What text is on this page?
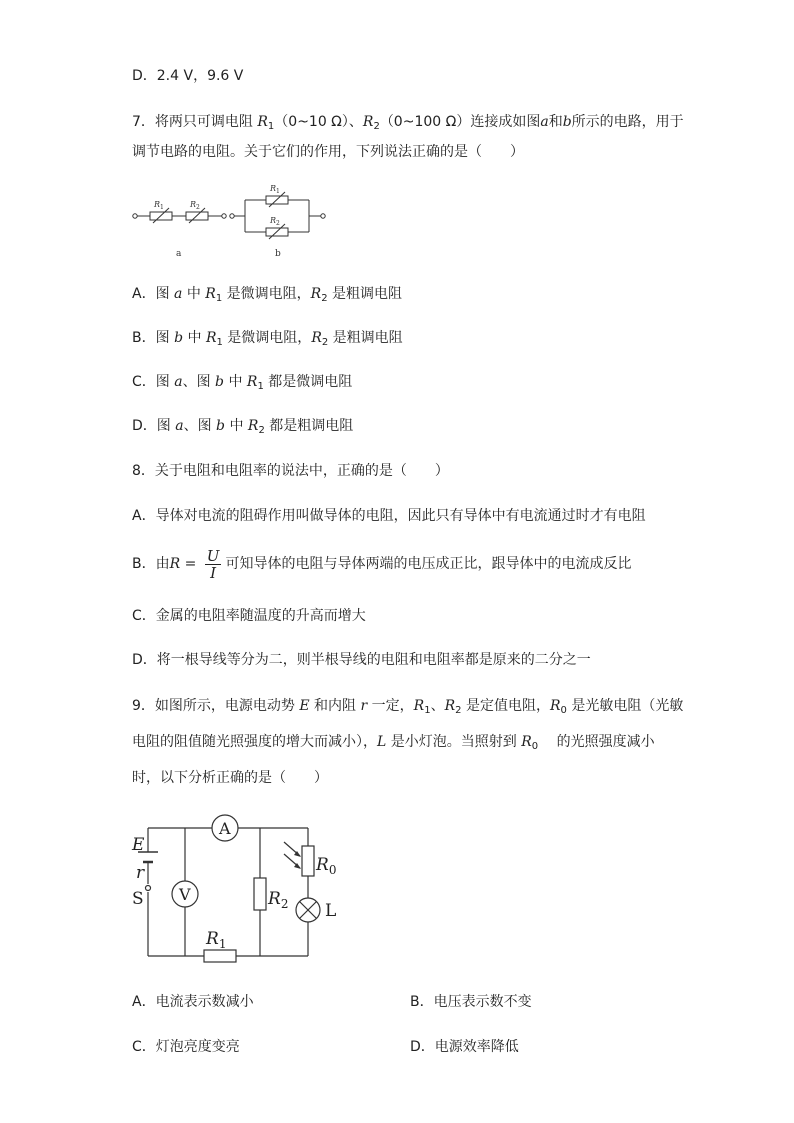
D．2.4 V，9.6 V
7．将两只可调电阻 $R_1(0\sim 10$ Ω）、$R_2(0\sim 100$ Ω）连接成如图a和b所示的电路，用于
调节电路的电阻。关于它们的作用，下列说法正确的是（　　）
$R_1$	$R_2$
$R_1$
$R_2$
a	b
A．图 a 中 $R_1$ 是微调电阻，$R_2$ 是粗调电阻
B．图 b 中 $R_1$ 是微调电阻，$R_2$ 是粗调电阻
C．图 a、图 b 中 $R_1$ 都是微调电阻
D．图 a、图 b 中 $R_2$ 都是粗调电阻
8．关于电阻和电阻率的说法中，正确的是（　　）
A．导体对电流的阻碍作用叫做导体的电阻，因此只有导体中有电流通过时才有电阻
B．由$R = \frac{U}{I}$ 可知导体的电阻与导体两端的电压成正比，跟导体中的电流成反比
C．金属的电阻率随温度的升高而增大
D．将一根导线等分为二，则半根导线的电阻和电阻率都是原来的二分之一
9．如图所示，电源电动势 E 和内阻 r 一定，$R_1$、$R_2$ 是定值电阻，$R_0$ 是光敏电阻（光敏
电阻的阻值随光照强度的增大而减小），L 是小灯泡。当照射到 $R_0$　 的光照强度减小
时，以下分析正确的是（　　）
A
V
E
r
S
$R_0$
$R_2$
$R_1$
L
A．电流表示数减小	B．电压表示数不变
C．灯泡亮度变亮	D．电源效率降低
